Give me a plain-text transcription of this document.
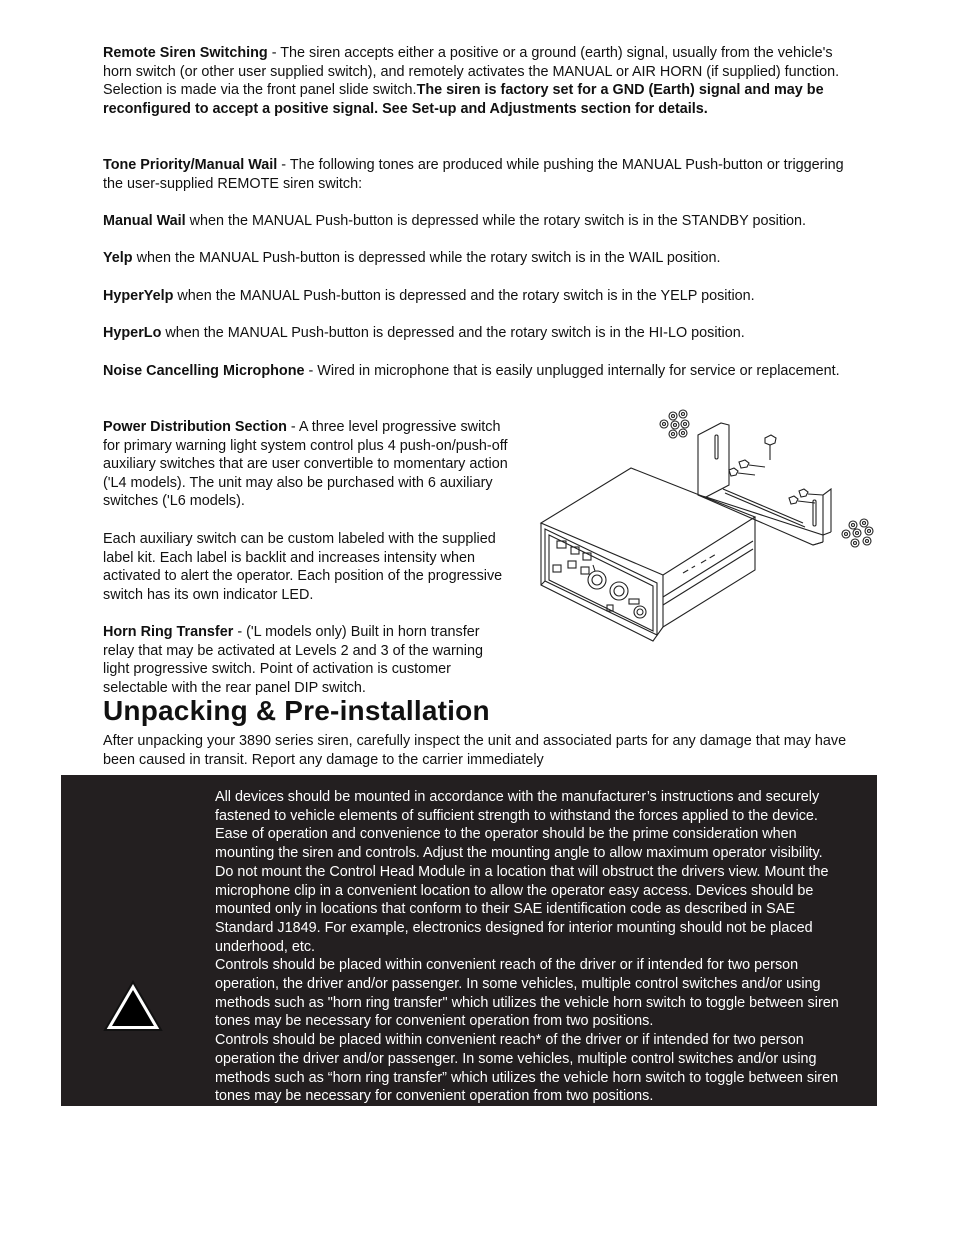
Remote Siren Switching - The siren accepts either a positive or a ground (earth) signal, usually from the vehicle's horn switch (or other user supplied switch), and remotely activates the MANUAL or AIR HORN (if supplied) function. Selection is made via the front panel slide switch.The siren is factory set for a GND (Earth) signal and may be reconfigured to accept a positive signal. See Set-up and Adjustments section for details.

Tone Priority/Manual Wail - The following tones are produced while pushing the MANUAL Push-button or triggering the user-supplied REMOTE siren switch:

Manual Wail when the MANUAL Push-button is depressed while the rotary switch is in the STANDBY position.

Yelp when the MANUAL Push-button is depressed while the rotary switch is in the WAIL position.

HyperYelp when the MANUAL Push-button is depressed and the rotary switch is in the YELP position.

HyperLo when the MANUAL Push-button is depressed and the rotary switch is in the HI-LO position.

Noise Cancelling Microphone - Wired in microphone that is easily unplugged internally for service or replacement.

Power Distribution Section - A three level progressive switch for primary warning light system control plus 4 push-on/push-off auxiliary switches that are user convertible to momentary action ('L4 models). The unit may also be purchased with 6 auxiliary switches ('L6 models).

Each auxiliary switch can be custom labeled with the supplied label kit. Each label is backlit and increases intensity when activated to alert the operator. Each position of the progressive switch has its own indicator LED.

Horn Ring Transfer - ('L models only) Built in horn transfer relay that may be activated at Levels 2 and 3 of the warning light progressive switch. Point of activation is customer selectable with the rear panel DIP switch.

Unpacking & Pre-installation

After unpacking your 3890 series siren, carefully inspect the unit and associated parts for any damage that may have been caused in transit. Report any damage to the carrier immediately

All devices should be mounted in accordance with the manufacturer’s instructions and securely fastened to vehicle elements of sufficient strength to withstand the forces applied to the device. Ease of operation and convenience to the operator should be the prime consideration when mounting the siren and controls. Adjust the mounting angle to allow maximum operator visibility. Do not mount the Control Head Module in a location that will obstruct the drivers view. Mount the microphone clip in a convenient location to allow the operator easy access. Devices should be mounted only in locations that conform to their SAE identification code as described in SAE Standard J1849. For example, electronics designed for interior mounting should not be placed underhood, etc.

Controls should be placed within convenient reach of the driver or if intended for two person operation, the driver and/or passenger. In some vehicles, multiple control switches and/or using methods such as "horn ring transfer" which utilizes the vehicle horn switch to toggle between siren tones may be necessary for convenient operation from two positions.

Controls should be placed within convenient reach* of the driver or if intended for two person operation the driver and/or passenger. In some vehicles, multiple control switches and/or using methods such as “horn ring transfer” which utilizes the vehicle horn switch to toggle between siren tones may be necessary for convenient operation from two positions.
